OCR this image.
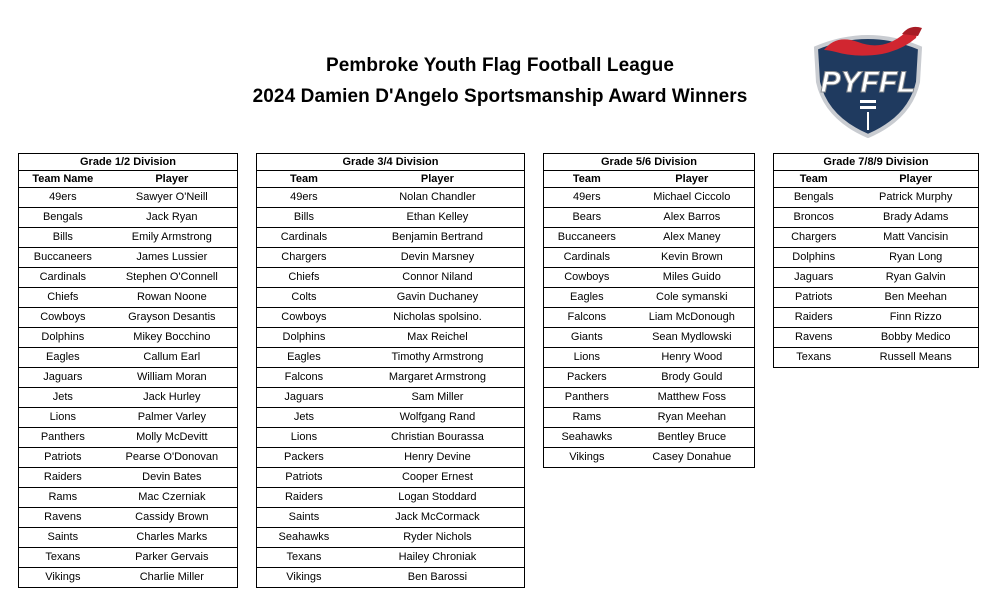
Pembroke Youth Flag Football League
2024 Damien D'Angelo Sportsmanship Award Winners	PYFFL
Grade 1/2 Division	
Team Name	Player
49ers	Sawyer O'Neill
Bengals	Jack Ryan
Bills	Emily Armstrong
Buccaneers	James Lussier
Cardinals	Stephen O'Connell
Chiefs	Rowan Noone
Cowboys	Grayson Desantis
Dolphins	Mikey Bocchino
Eagles	Callum Earl
Jaguars	William Moran
Jets	Jack Hurley
Lions	Palmer Varley
Panthers	Molly McDevitt
Patriots	Pearse O'Donovan
Raiders	Devin Bates
Rams	Mac Czerniak
Ravens	Cassidy Brown
Saints	Charles Marks
Texans	Parker Gervais
Vikings	Charlie Miller
Grade 3/4 Division	
Team	Player
49ers	Nolan Chandler
Bills	Ethan Kelley
Cardinals	Benjamin Bertrand
Chargers	Devin Marsney
Chiefs	Connor Niland
Colts	Gavin Duchaney
Cowboys	Nicholas spolsino.
Dolphins	Max Reichel
Eagles	Timothy Armstrong
Falcons	Margaret Armstrong
Jaguars	Sam Miller
Jets	Wolfgang Rand
Lions	Christian Bourassa
Packers	Henry Devine
Patriots	Cooper Ernest
Raiders	Logan Stoddard
Saints	Jack McCormack
Seahawks	Ryder Nichols
Texans	Hailey Chroniak
Vikings	Ben Barossi
Grade 5/6 Division	
Team	Player
49ers	Michael Ciccolo
Bears	Alex Barros
Buccaneers	Alex Maney
Cardinals	Kevin Brown
Cowboys	Miles Guido
Eagles	Cole symanski
Falcons	Liam McDonough
Giants	Sean Mydlowski
Lions	Henry Wood
Packers	Brody Gould
Panthers	Matthew Foss
Rams	Ryan Meehan
Seahawks	Bentley Bruce
Vikings	Casey Donahue
Grade 7/8/9 Division	
Team	Player
Bengals	Patrick Murphy
Broncos	Brady Adams
Chargers	Matt Vancisin
Dolphins	Ryan Long
Jaguars	Ryan Galvin
Patriots	Ben Meehan
Raiders	Finn Rizzo
Ravens	Bobby Medico
Texans	Russell Means
